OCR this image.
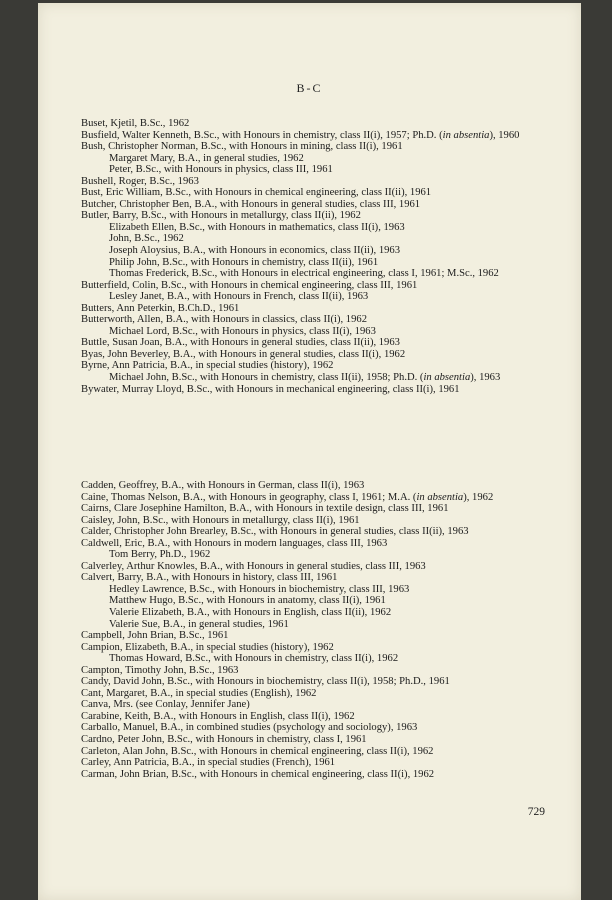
B-C

Buset, Kjetil, B.Sc., 1962

Busfield, Walter Kenneth, B.Sc., with Honours in chemistry, class II(i), 1957; Ph.D. (in absentia), 1960

Bush, Christopher Norman, B.Sc., with Honours in mining, class II(i), 1961

Margaret Mary, B.A., in general studies, 1962

Peter, B.Sc., with Honours in physics, class III, 1961

Bushell, Roger, B.Sc., 1963

Bust, Eric William, B.Sc., with Honours in chemical engineering, class II(ii), 1961

Butcher, Christopher Ben, B.A., with Honours in general studies, class III, 1961

Butler, Barry, B.Sc., with Honours in metallurgy, class II(ii), 1962

Elizabeth Ellen, B.Sc., with Honours in mathematics, class II(i), 1963

John, B.Sc., 1962

Joseph Aloysius, B.A., with Honours in economics, class II(ii), 1963

Philip John, B.Sc., with Honours in chemistry, class II(ii), 1961

Thomas Frederick, B.Sc., with Honours in electrical engineering, class I, 1961; M.Sc., 1962

Butterfield, Colin, B.Sc., with Honours in chemical engineering, class III, 1961

Lesley Janet, B.A., with Honours in French, class II(ii), 1963

Butters, Ann Peterkin, B.Ch.D., 1961

Butterworth, Allen, B.A., with Honours in classics, class II(i), 1962

Michael Lord, B.Sc., with Honours in physics, class II(i), 1963

Buttle, Susan Joan, B.A., with Honours in general studies, class II(ii), 1963

Byas, John Beverley, B.A., with Honours in general studies, class II(i), 1962

Byrne, Ann Patricia, B.A., in special studies (history), 1962

Michael John, B.Sc., with Honours in chemistry, class II(ii), 1958; Ph.D. (in absentia), 1963

Bywater, Murray Lloyd, B.Sc., with Honours in mechanical engineering, class II(i), 1961

Cadden, Geoffrey, B.A., with Honours in German, class II(i), 1963

Caine, Thomas Nelson, B.A., with Honours in geography, class I, 1961; M.A. (in absentia), 1962

Cairns, Clare Josephine Hamilton, B.A., with Honours in textile design, class III, 1961

Caisley, John, B.Sc., with Honours in metallurgy, class II(i), 1961

Calder, Christopher John Brearley, B.Sc., with Honours in general studies, class II(ii), 1963

Caldwell, Eric, B.A., with Honours in modern languages, class III, 1963

Tom Berry, Ph.D., 1962

Calverley, Arthur Knowles, B.A., with Honours in general studies, class III, 1963

Calvert, Barry, B.A., with Honours in history, class III, 1961

Hedley Lawrence, B.Sc., with Honours in biochemistry, class III, 1963

Matthew Hugo, B.Sc., with Honours in anatomy, class II(i), 1961

Valerie Elizabeth, B.A., with Honours in English, class II(ii), 1962

Valerie Sue, B.A., in general studies, 1961

Campbell, John Brian, B.Sc., 1961

Campion, Elizabeth, B.A., in special studies (history), 1962

Thomas Howard, B.Sc., with Honours in chemistry, class II(i), 1962

Campton, Timothy John, B.Sc., 1963

Candy, David John, B.Sc., with Honours in biochemistry, class II(i), 1958; Ph.D., 1961

Cant, Margaret, B.A., in special studies (English), 1962

Canva, Mrs. (see Conlay, Jennifer Jane)

Carabine, Keith, B.A., with Honours in English, class II(i), 1962

Carballo, Manuel, B.A., in combined studies (psychology and sociology), 1963

Cardno, Peter John, B.Sc., with Honours in chemistry, class I, 1961

Carleton, Alan John, B.Sc., with Honours in chemical engineering, class II(i), 1962

Carley, Ann Patricia, B.A., in special studies (French), 1961

Carman, John Brian, B.Sc., with Honours in chemical engineering, class II(i), 1962

729
